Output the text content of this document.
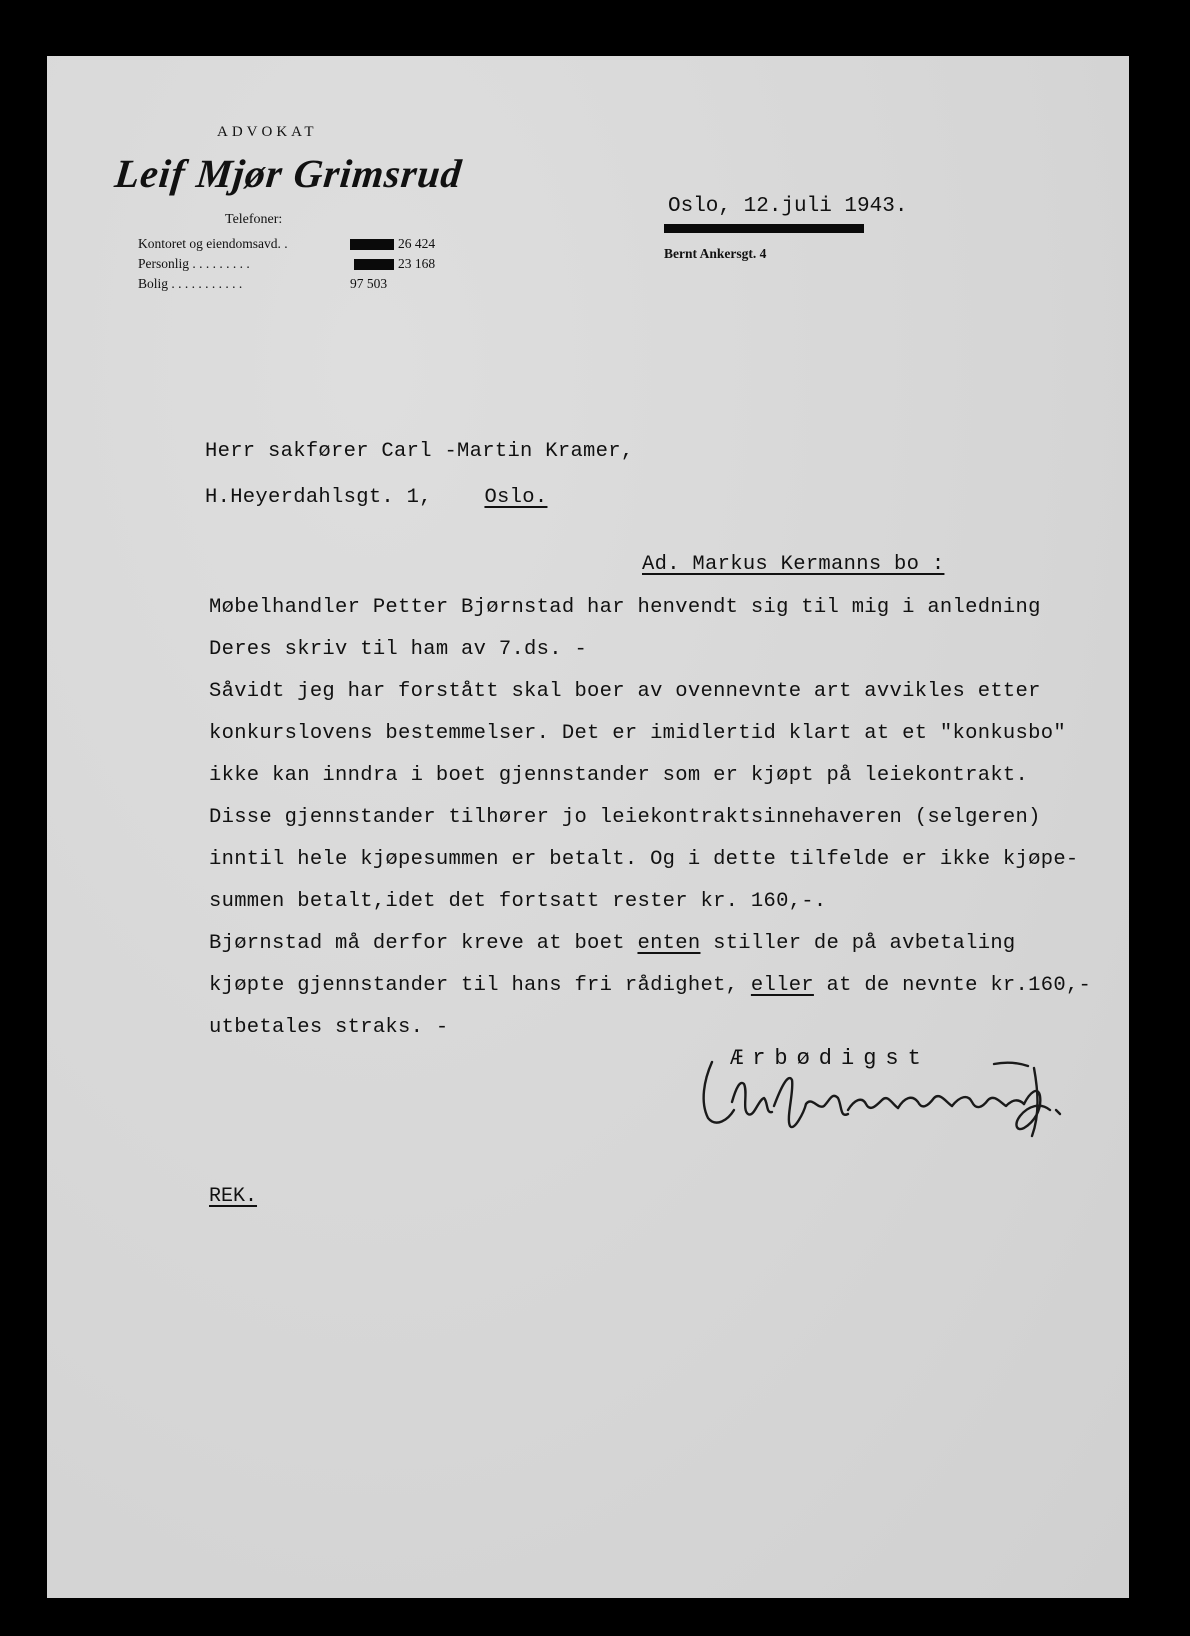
ADVOKAT
Leif Mjør Grimsrud
Telefoner:
Kontoret og eiendomsavd. .	26 424
Personlig . . . . . . . . .	23 168
Bolig . . . . . . . . . . .	97 503
Oslo, 12.juli 1943.
Bernt Ankersgt. 4
Herr sakfører Carl -Martin Kramer,
H.Heyerdahlsgt. 1,	Oslo.
Ad. Markus Kermanns bo :
Møbelhandler Petter Bjørnstad har henvendt sig til mig i anledning
Deres skriv til ham av 7.ds. -
Såvidt jeg har forstått skal boer av ovennevnte art avvikles etter
konkurslovens bestemmelser. Det er imidlertid klart at et "konkusbo"
ikke kan inndra i boet gjennstander som er kjøpt på leiekontrakt.
Disse gjennstander tilhører jo leiekontraktsinnehaveren (selgeren)
inntil hele kjøpesummen er betalt. Og i dette tilfelde er ikke kjøpe-
summen betalt,idet det fortsatt rester kr. 160,-.
Bjørnstad må derfor kreve at boet enten stiller de på avbetaling
kjøpte gjennstander til hans fri rådighet, eller at de nevnte kr.160,-
utbetales straks. -
Ærbødigst
REK.
